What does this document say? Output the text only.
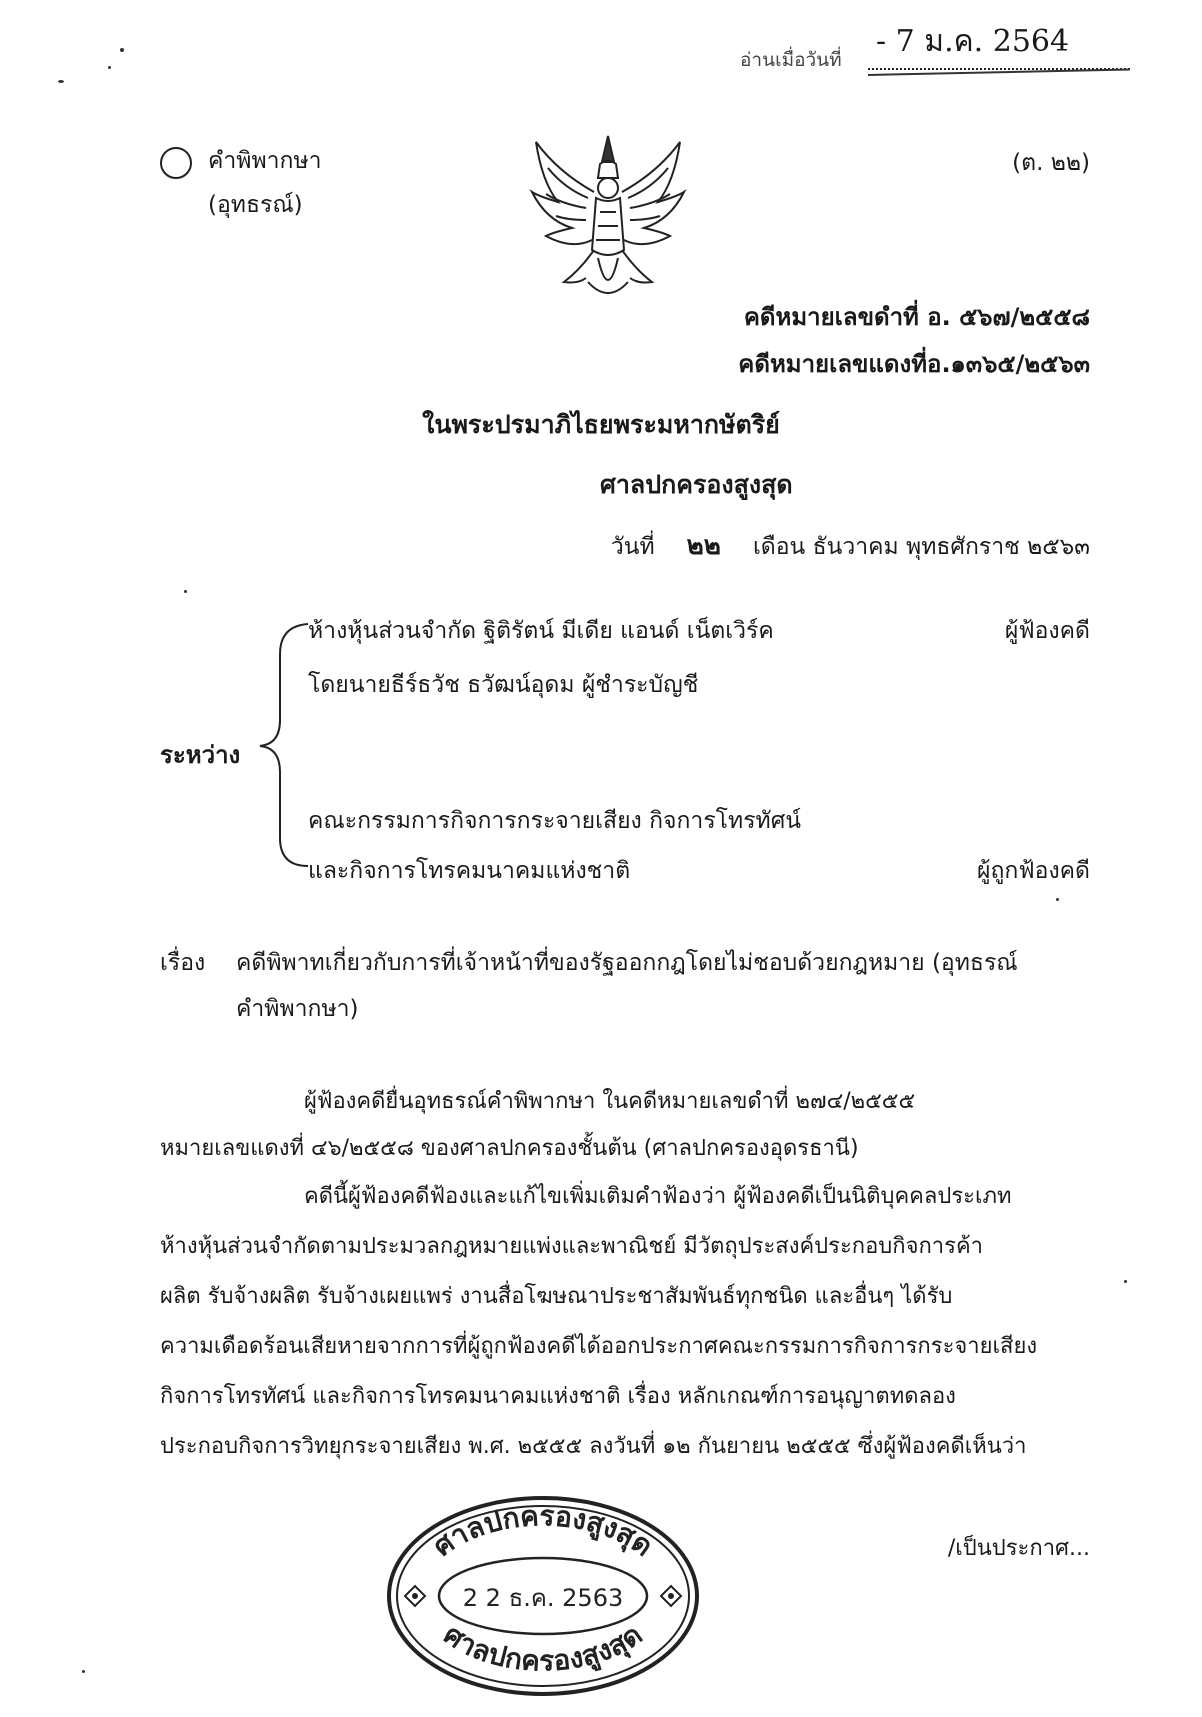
อ่านเมื่อวันที่
- 7 ม.ค. 2564
คำพิพากษา
(อุทธรณ์)
(ต. ๒๒)
คดีหมายเลขดำที่ อ. ๕๖๗/๒๕๕๘
คดีหมายเลขแดงที่อ.๑๓๖๕/๒๕๖๓
ในพระปรมาภิไธยพระมหากษัตริย์
ศาลปกครองสูงสุด
วันที่ ๒๒ เดือน ธันวาคม พุทธศักราช ๒๕๖๓
ระหว่าง
ห้างหุ้นส่วนจำกัด ฐิติรัตน์ มีเดีย แอนด์ เน็ตเวิร์ค	ผู้ฟ้องคดี
โดยนายธีร์ธวัช ธวัฒน์อุดม ผู้ชำระบัญชี
คณะกรรมการกิจการกระจายเสียง กิจการโทรทัศน์
และกิจการโทรคมนาคมแห่งชาติ	ผู้ถูกฟ้องคดี
เรื่อง คดีพิพาทเกี่ยวกับการที่เจ้าหน้าที่ของรัฐออกกฎโดยไม่ชอบด้วยกฎหมาย (อุทธรณ์
คำพิพากษา)
ผู้ฟ้องคดียื่นอุทธรณ์คำพิพากษา ในคดีหมายเลขดำที่ ๒๗๔/๒๕๕๕
หมายเลขแดงที่ ๔๖/๒๕๕๘ ของศาลปกครองชั้นต้น (ศาลปกครองอุดรธานี)
คดีนี้ผู้ฟ้องคดีฟ้องและแก้ไขเพิ่มเติมคำฟ้องว่า ผู้ฟ้องคดีเป็นนิติบุคคลประเภท
ห้างหุ้นส่วนจำกัดตามประมวลกฎหมายแพ่งและพาณิชย์ มีวัตถุประสงค์ประกอบกิจการค้า
ผลิต รับจ้างผลิต รับจ้างเผยแพร่ งานสื่อโฆษณาประชาสัมพันธ์ทุกชนิด และอื่นๆ ได้รับ
ความเดือดร้อนเสียหายจากการที่ผู้ถูกฟ้องคดีได้ออกประกาศคณะกรรมการกิจการกระจายเสียง
กิจการโทรทัศน์ และกิจการโทรคมนาคมแห่งชาติ เรื่อง หลักเกณฑ์การอนุญาตทดลอง
ประกอบกิจการวิทยุกระจายเสียง พ.ศ. ๒๕๕๕ ลงวันที่ ๑๒ กันยายน ๒๕๕๕ ซึ่งผู้ฟ้องคดีเห็นว่า
/เป็นประกาศ...
ศาลปกครองสูงสุด
ศาลปกครองสูงสุด
2 2 ธ.ค. 2563
